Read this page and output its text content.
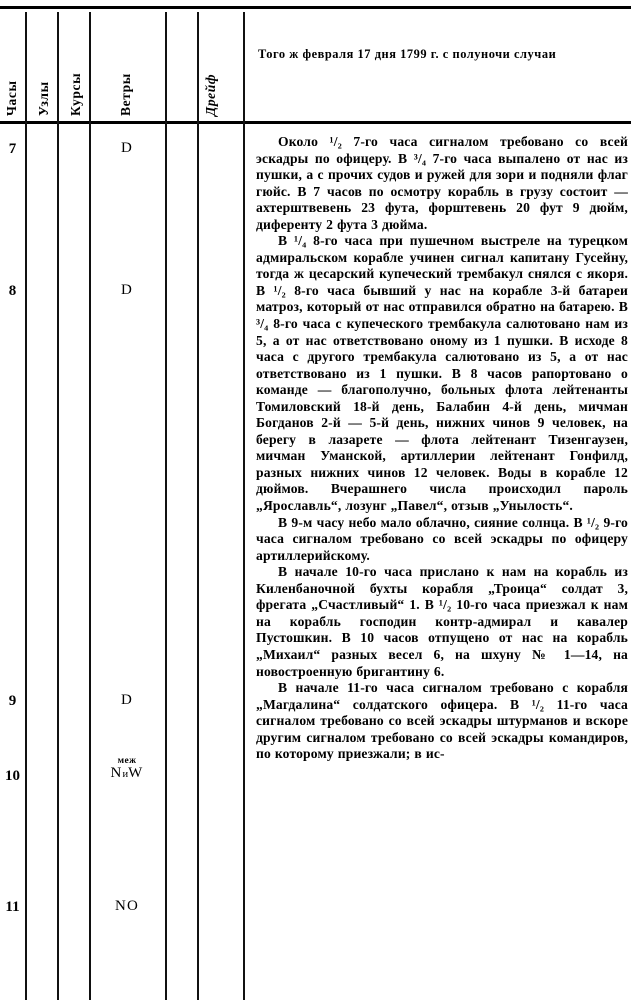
Часы Узлы Курсы	Ветры	Дрейф
Того ж февраля 17 дня 1799 г. с полуночи случаи
7
8
9
10
11
D
D
D
меж
NиW
NO

Около ¹/₂ 7-го часа сигналом требовано со всей эскадры по офицеру. В ³/₄ 7-го часа выпалено от нас из пушки, а с прочих судов и ружей для зори и подняли флаг гюйс. В 7 часов по осмотру корабль в грузу состоит — ахтерштвевень 23 фута, форштевень 20 фут 9 дюйм, диференту 2 фута 3 дюйма.

В ¹/₄ 8-го часа при пушечном выстреле на турецком адмиральском корабле учинен сигнал капитану Гусейну, тогда ж цесарский купеческий трембакул снялся с якоря. В ¹/₂ 8-го часа бывший у нас на корабле 3-й батареи матроз, который от нас отправился обратно на батарею. В ³/₄ 8-го часа с купеческого трембакула салютовано нам из 5, а от нас ответствовано оному из 1 пушки. В исходе 8 часа с другого трембакула салютовано из 5, а от нас ответствовано из 1 пушки. В 8 часов рапортовано о команде — благополучно, больных флота лейтенанты Томиловский 18-й день, Балабин 4-й день, мичман Богданов 2-й — 5-й день, нижних чинов 9 человек, на берегу в лазарете — флота лейтенант Тизенгаузен, мичман Уманской, артиллерии лейтенант Гонфилд, разных нижних чинов 12 человек. Воды в корабле 12 дюймов. Вчерашнего числа происходил пароль „Ярославль“, лозунг „Павел“, отзыв „Унылость“.

В 9-м часу небо мало облачно, сияние солнца. В ¹/₂ 9-го часа сигналом требовано со всей эскадры по офицеру артиллерийскому.

В начале 10-го часа прислано к нам на корабль из Киленбаночной бухты корабля „Троица“ солдат 3, фрегата „Счастливый“ 1. В ¹/₂ 10-го часа приезжал к нам на корабль господин контр-адмирал и кавалер Пустошкин. В 10 часов отпущено от нас на корабль „Михаил“ разных весел 6, на шхуну № 1—14, на новостроенную бригантину 6.

В начале 11-го часа сигналом требовано с корабля „Магдалина“ солдатского офицера. В ¹/₂ 11-го часа сигналом требовано со всей эскадры штурманов и вскоре другим сигналом требовано со всей эскадры командиров, по которому приезжали; в ис-
